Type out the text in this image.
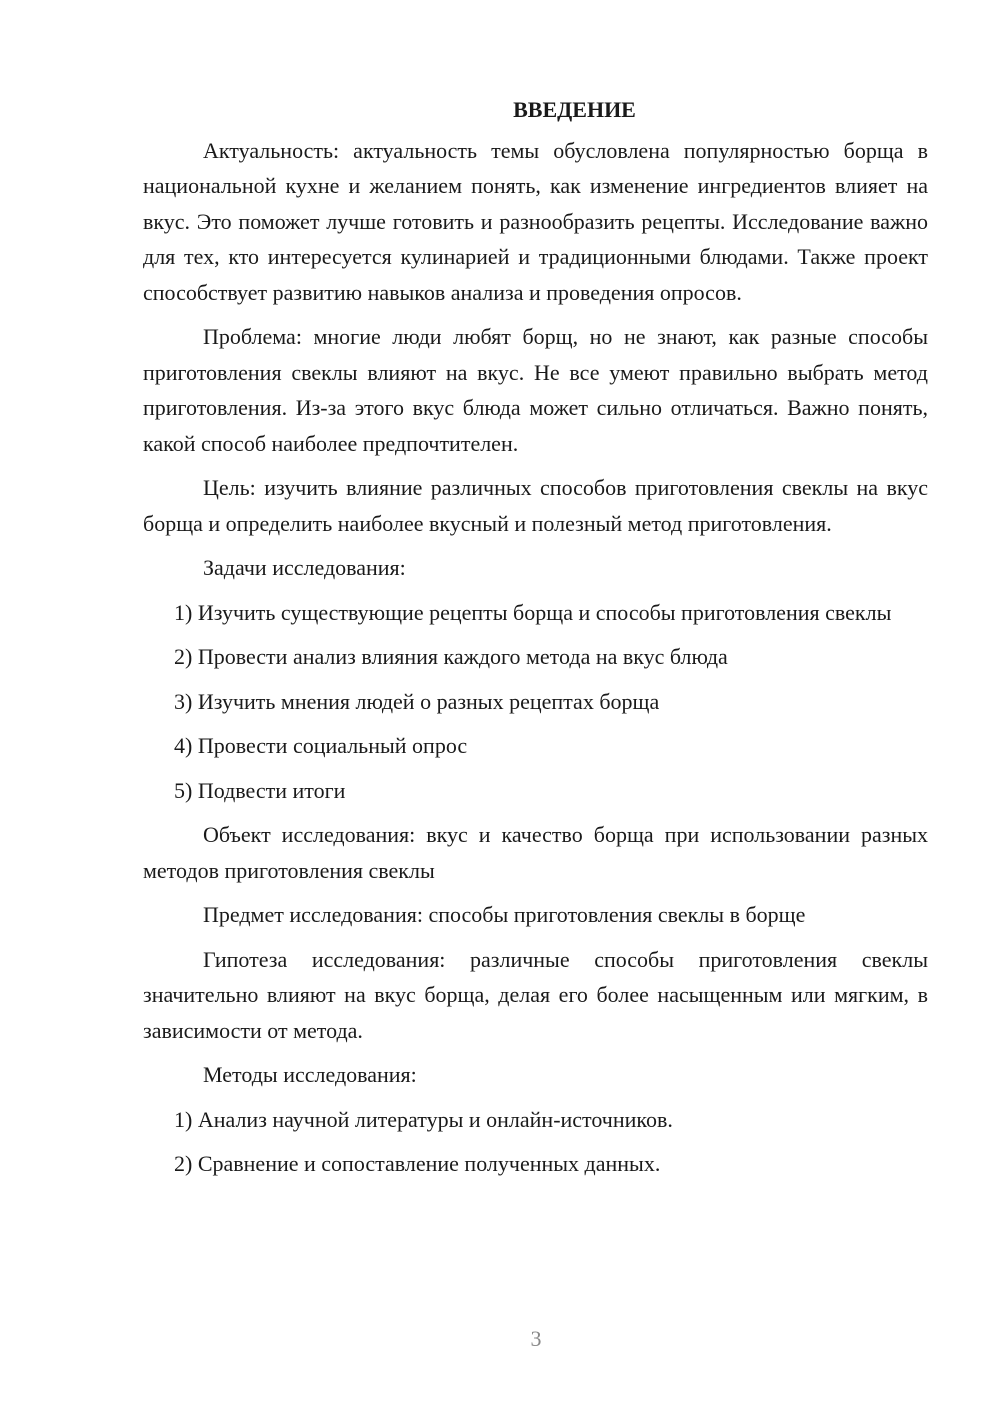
ВВЕДЕНИЕ
Актуальность: актуальность темы обусловлена популярностью борща в национальной кухне и желанием понять, как изменение ингредиентов влияет на вкус. Это поможет лучше готовить и разнообразить рецепты. Исследование важно для тех, кто интересуется кулинарией и традиционными блюдами. Также проект способствует развитию навыков анализа и проведения опросов.
Проблема: многие люди любят борщ, но не знают, как разные способы приготовления свеклы влияют на вкус. Не все умеют правильно выбрать метод приготовления. Из-за этого вкус блюда может сильно отличаться. Важно понять, какой способ наиболее предпочтителен.
Цель: изучить влияние различных способов приготовления свеклы на вкус борща и определить наиболее вкусный и полезный метод приготовления.
Задачи исследования:
1) Изучить существующие рецепты борща и способы приготовления свеклы
2) Провести анализ влияния каждого метода на вкус блюда
3) Изучить мнения людей о разных рецептах борща
4) Провести социальный опрос
5) Подвести итоги
Объект исследования: вкус и качество борща при использовании разных методов приготовления свеклы
Предмет исследования: способы приготовления свеклы в борще
Гипотеза исследования: различные способы приготовления свеклы значительно влияют на вкус борща, делая его более насыщенным или мягким, в зависимости от метода.
Методы исследования:
1) Анализ научной литературы и онлайн-источников.
2) Сравнение и сопоставление полученных данных.
3
